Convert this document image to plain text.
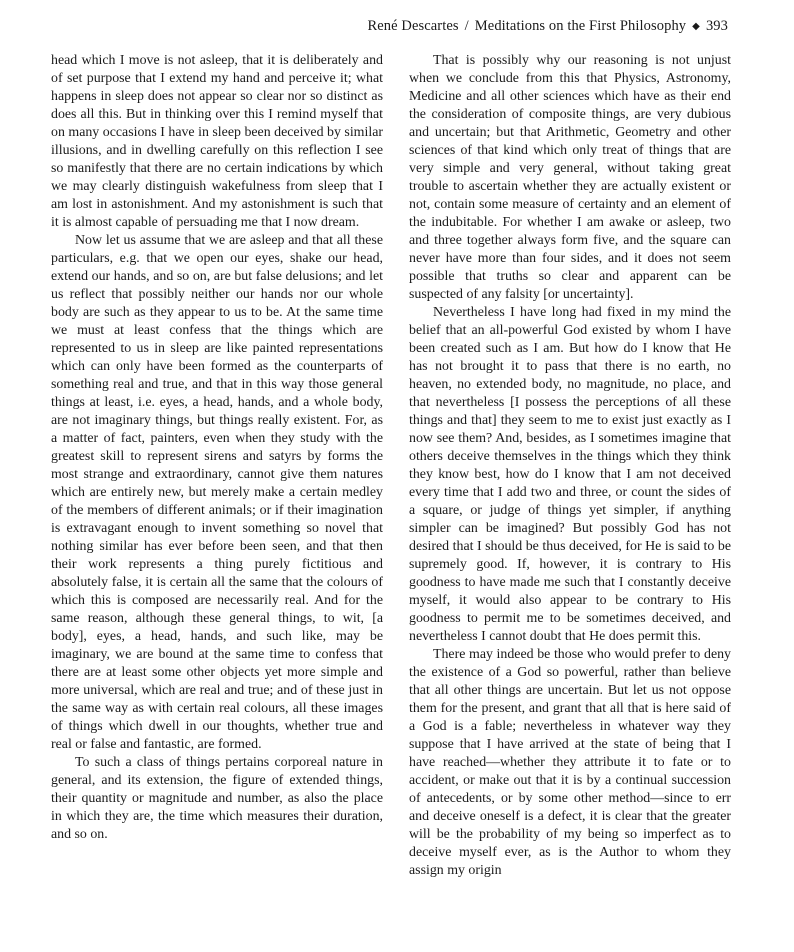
René Descartes / Meditations on the First Philosophy ◆ 393

head which I move is not asleep, that it is deliberately and of set purpose that I extend my hand and perceive it; what happens in sleep does not appear so clear nor so distinct as does all this. But in thinking over this I remind myself that on many occasions I have in sleep been deceived by similar illusions, and in dwelling carefully on this reflection I see so manifestly that there are no certain indications by which we may clearly distinguish wakefulness from sleep that I am lost in astonishment. And my astonishment is such that it is almost capable of persuading me that I now dream.

Now let us assume that we are asleep and that all these particulars, e.g. that we open our eyes, shake our head, extend our hands, and so on, are but false delusions; and let us reflect that possibly neither our hands nor our whole body are such as they appear to us to be. At the same time we must at least confess that the things which are represented to us in sleep are like painted representations which can only have been formed as the counterparts of something real and true, and that in this way those general things at least, i.e. eyes, a head, hands, and a whole body, are not imaginary things, but things really existent. For, as a matter of fact, painters, even when they study with the greatest skill to represent sirens and satyrs by forms the most strange and extraordinary, cannot give them natures which are entirely new, but merely make a certain medley of the members of different animals; or if their imagination is extravagant enough to invent something so novel that nothing similar has ever before been seen, and that then their work represents a thing purely fictitious and absolutely false, it is certain all the same that the colours of which this is composed are necessarily real. And for the same reason, although these general things, to wit, [a body], eyes, a head, hands, and such like, may be imaginary, we are bound at the same time to confess that there are at least some other objects yet more simple and more universal, which are real and true; and of these just in the same way as with certain real colours, all these images of things which dwell in our thoughts, whether true and real or false and fantastic, are formed.

To such a class of things pertains corporeal nature in general, and its extension, the figure of extended things, their quantity or magnitude and number, as also the place in which they are, the time which measures their duration, and so on.

That is possibly why our reasoning is not unjust when we conclude from this that Physics, Astronomy, Medicine and all other sciences which have as their end the consideration of composite things, are very dubious and uncertain; but that Arithmetic, Geometry and other sciences of that kind which only treat of things that are very simple and very general, without taking great trouble to ascertain whether they are actually existent or not, contain some measure of certainty and an element of the indubitable. For whether I am awake or asleep, two and three together always form five, and the square can never have more than four sides, and it does not seem possible that truths so clear and apparent can be suspected of any falsity [or uncertainty].

Nevertheless I have long had fixed in my mind the belief that an all-powerful God existed by whom I have been created such as I am. But how do I know that He has not brought it to pass that there is no earth, no heaven, no extended body, no magnitude, no place, and that nevertheless [I possess the perceptions of all these things and that] they seem to me to exist just exactly as I now see them? And, besides, as I sometimes imagine that others deceive themselves in the things which they think they know best, how do I know that I am not deceived every time that I add two and three, or count the sides of a square, or judge of things yet simpler, if anything simpler can be imagined? But possibly God has not desired that I should be thus deceived, for He is said to be supremely good. If, however, it is contrary to His goodness to have made me such that I constantly deceive myself, it would also appear to be contrary to His goodness to permit me to be sometimes deceived, and nevertheless I cannot doubt that He does permit this.

There may indeed be those who would prefer to deny the existence of a God so powerful, rather than believe that all other things are uncertain. But let us not oppose them for the present, and grant that all that is here said of a God is a fable; nevertheless in whatever way they suppose that I have arrived at the state of being that I have reached—whether they attribute it to fate or to accident, or make out that it is by a continual succession of antecedents, or by some other method—since to err and deceive oneself is a defect, it is clear that the greater will be the probability of my being so imperfect as to deceive myself ever, as is the Author to whom they assign my origin
